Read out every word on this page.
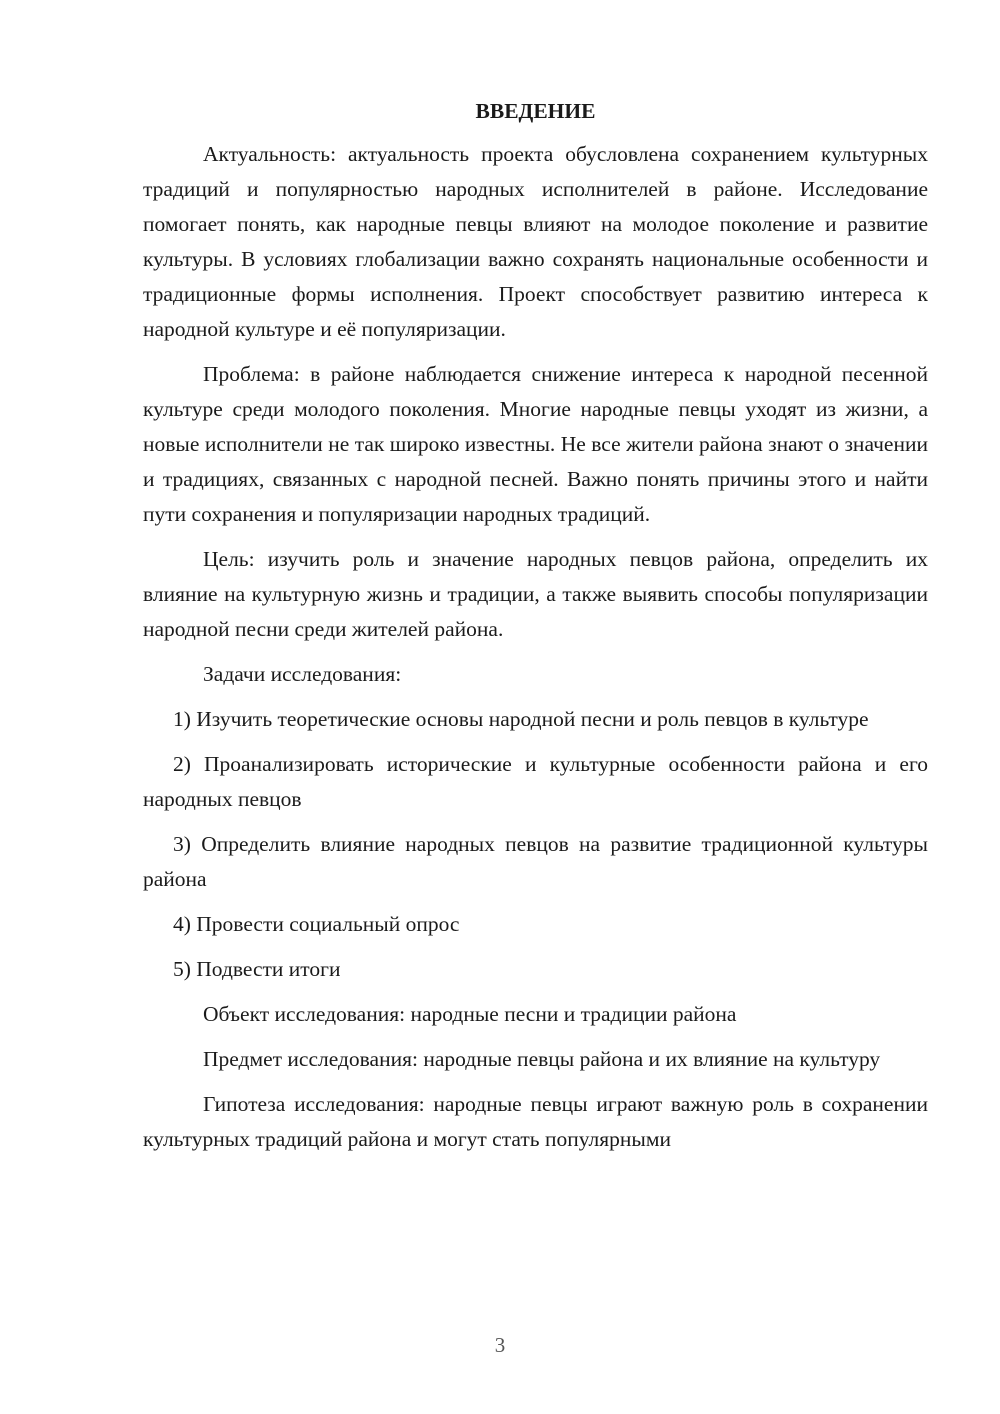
ВВЕДЕНИЕ

Актуальность: актуальность проекта обусловлена сохранением культурных традиций и популярностью народных исполнителей в районе. Исследование помогает понять, как народные певцы влияют на молодое поколение и развитие культуры. В условиях глобализации важно сохранять национальные особенности и традиционные формы исполнения. Проект способствует развитию интереса к народной культуре и её популяризации.

Проблема: в районе наблюдается снижение интереса к народной песенной культуре среди молодого поколения. Многие народные певцы уходят из жизни, а новые исполнители не так широко известны. Не все жители района знают о значении и традициях, связанных с народной песней. Важно понять причины этого и найти пути сохранения и популяризации народных традиций.

Цель: изучить роль и значение народных певцов района, определить их влияние на культурную жизнь и традиции, а также выявить способы популяризации народной песни среди жителей района.

Задачи исследования:

1) Изучить теоретические основы народной песни и роль певцов в культуре

2) Проанализировать исторические и культурные особенности района и его народных певцов

3) Определить влияние народных певцов на развитие традиционной культуры района

4) Провести социальный опрос

5) Подвести итоги

Объект исследования: народные песни и традиции района

Предмет исследования: народные певцы района и их влияние на культуру

Гипотеза исследования: народные певцы играют важную роль в сохранении культурных традиций района и могут стать популярными

3
